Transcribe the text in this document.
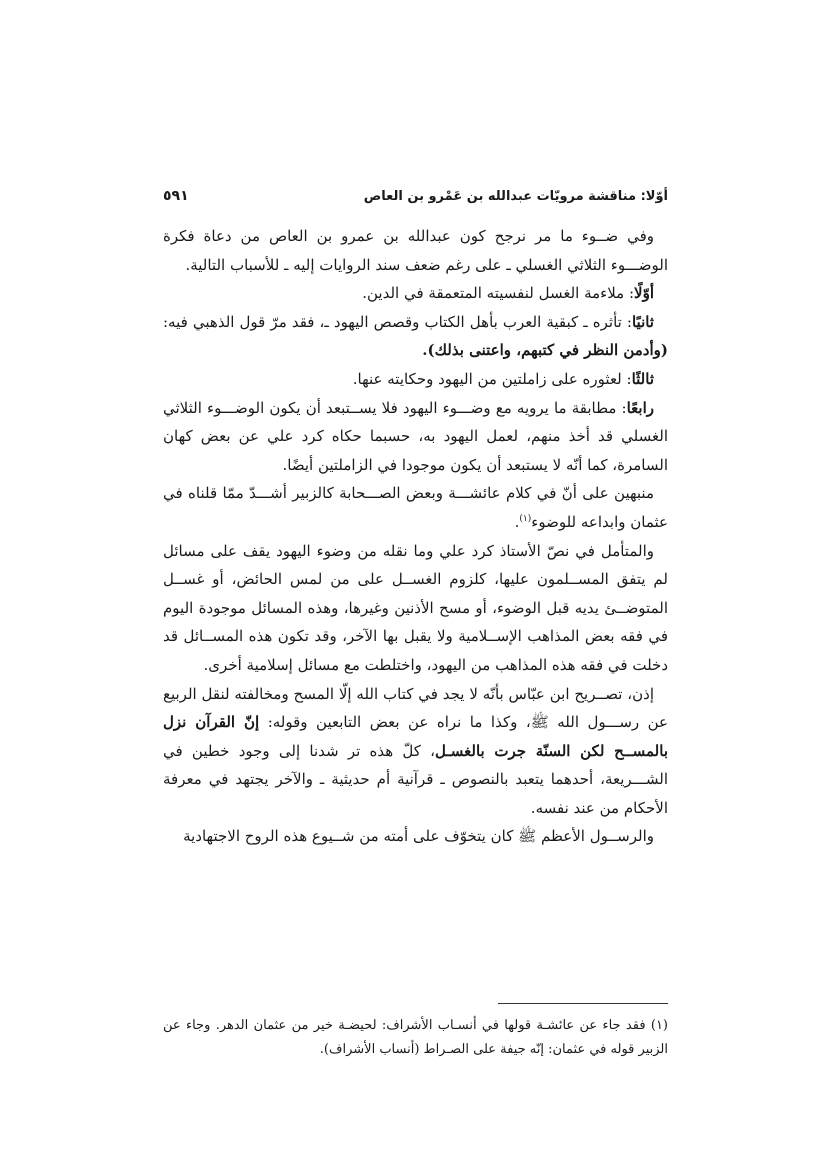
أوّلا: مناقشة مرويّات عبدالله بن عَمْرو بن العاص
٥٩١

وفي ضــوء ما مر نرجح كون عبدالله بن عمرو بن العاص من دعاة فكرة الوضـــوء الثلاثي الغسلي ـ على رغم ضعف سند الروايات إليه ـ للأسباب التالية.

أوّلًا: ملاءمة الغسل لنفسيته المتعمقة في الدين.

ثانيًا: تأثره ـ كبقية العرب بأهل الكتاب وقصص اليهود ـ، فقد مرّ قول الذهبي فيه: (وأدمن النظر في كتبهم، واعتنى بذلك).

ثالثًا: لعثوره على زاملتين من اليهود وحكايته عنها.

رابعًا: مطابقة ما يرويه مع وضـــوء اليهود فلا يســتبعد أن يكون الوضـــوء الثلاثي الغسلي قد أخذ منهم، لعمل اليهود به، حسبما حكاه كرد علي عن بعض كهان السامرة، كما أنّه لا يستبعد أن يكون موجودا في الزاملتين أيضًا.

منبهين على أنّ في كلام عائشـــة وبعض الصـــحابة كالزبير أشـــدّ ممّا قلناه في عثمان وابداعه للوضوء$^{(١)}$.

والمتأمل في نصّ الأستاذ كرد علي وما نقله من وضوء اليهود يقف على مسائل لم يتفق المســلمون عليها، كلزوم الغســل على من لمس الحائض، أو غســل المتوضــئ يديه قبل الوضوء، أو مسح الأذنين وغيرها، وهذه المسائل موجودة اليوم في فقه بعض المذاهب الإســلامية ولا يقبل بها الآخر، وقد تكون هذه المســائل قد دخلت في فقه هذه المذاهب من اليهود، واختلطت مع مسائل إسلامية أخرى.

إذن، تصــريح ابن عبّاس بأنّه لا يجد في كتاب الله إلّا المسح ومخالفته لنقل الربيع عن رســـول الله ﷺ، وكذا ما نراه عن بعض التابعين وقوله: إنّ القرآن نزل بالمســح لكن السنّة جرت بالغسـل، كلّ هذه تر شدنا إلى وجود خطين في الشـــريعة، أحدهما يتعبد بالنصوص ـ قرآنية أم حديثية ـ والآخر يجتهد في معرفة الأحكام من عند نفسه.

والرســول الأعظم ﷺ كان يتخوّف على أمته من شــيوع هذه الروح الاجتهادية

(١) فقد جاء عن عائشـة قولها في أنسـاب الأشراف: لحيضـة خير من عثمان الدهر. وجاء عن الزبير قوله في عثمان: إنّه جيفة على الصـراط (أنساب الأشراف).
